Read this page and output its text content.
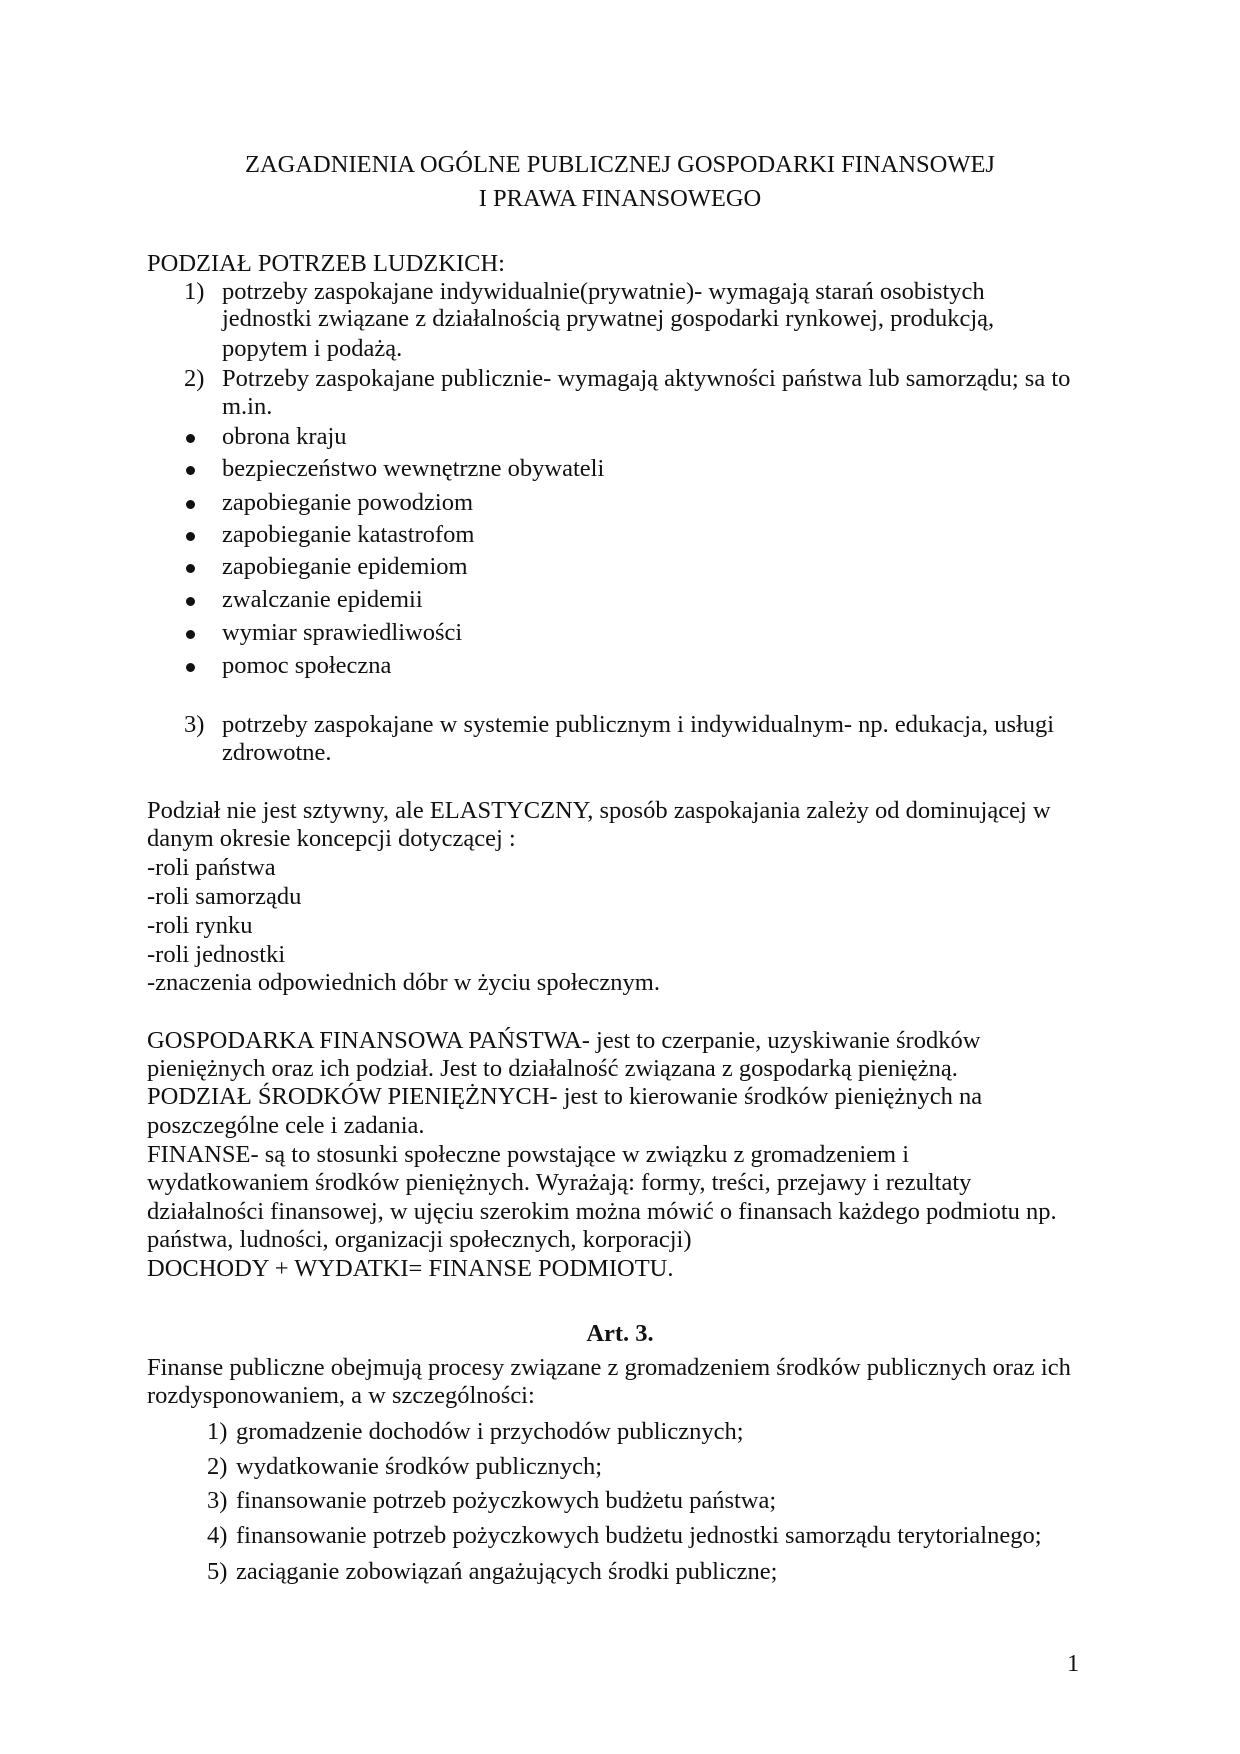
ZAGADNIENIA OGÓLNE PUBLICZNEJ GOSPODARKI FINANSOWEJ
I PRAWA FINANSOWEGO
PODZIAŁ POTRZEB LUDZKICH:
1) potrzeby zaspokajane indywidualnie(prywatnie)- wymagają starań osobistych
jednostki związane z działalnością prywatnej gospodarki rynkowej, produkcją,
popytem i podażą.
2) Potrzeby zaspokajane publicznie- wymagają aktywności państwa lub samorządu; sa to
m.in.
obrona kraju
bezpieczeństwo wewnętrzne obywateli
zapobieganie powodziom
zapobieganie katastrofom
zapobieganie epidemiom
zwalczanie epidemii
wymiar sprawiedliwości
pomoc społeczna
3) potrzeby zaspokajane w systemie publicznym i indywidualnym- np. edukacja, usługi
zdrowotne.
Podział nie jest sztywny, ale ELASTYCZNY, sposób zaspokajania zależy od dominującej w
danym okresie koncepcji dotyczącej :
-roli państwa
-roli samorządu
-roli rynku
-roli jednostki
-znaczenia odpowiednich dóbr w życiu społecznym.
GOSPODARKA FINANSOWA PAŃSTWA- jest to czerpanie, uzyskiwanie środków
pieniężnych oraz ich podział. Jest to działalność związana z gospodarką pieniężną.
PODZIAŁ ŚRODKÓW PIENIĘŻNYCH- jest to kierowanie środków pieniężnych na
poszczególne cele i zadania.
FINANSE- są to stosunki społeczne powstające w związku z gromadzeniem i
wydatkowaniem środków pieniężnych. Wyrażają: formy, treści, przejawy i rezultaty
działalności finansowej, w ujęciu szerokim można mówić o finansach każdego podmiotu np.
państwa, ludności, organizacji społecznych, korporacji)
DOCHODY + WYDATKI= FINANSE PODMIOTU.
Art. 3.
Finanse publiczne obejmują procesy związane z gromadzeniem środków publicznych oraz ich
rozdysponowaniem, a w szczególności:
1) gromadzenie dochodów i przychodów publicznych;
2) wydatkowanie środków publicznych;
3) finansowanie potrzeb pożyczkowych budżetu państwa;
4) finansowanie potrzeb pożyczkowych budżetu jednostki samorządu terytorialnego;
5) zaciąganie zobowiązań angażujących środki publiczne;
1
